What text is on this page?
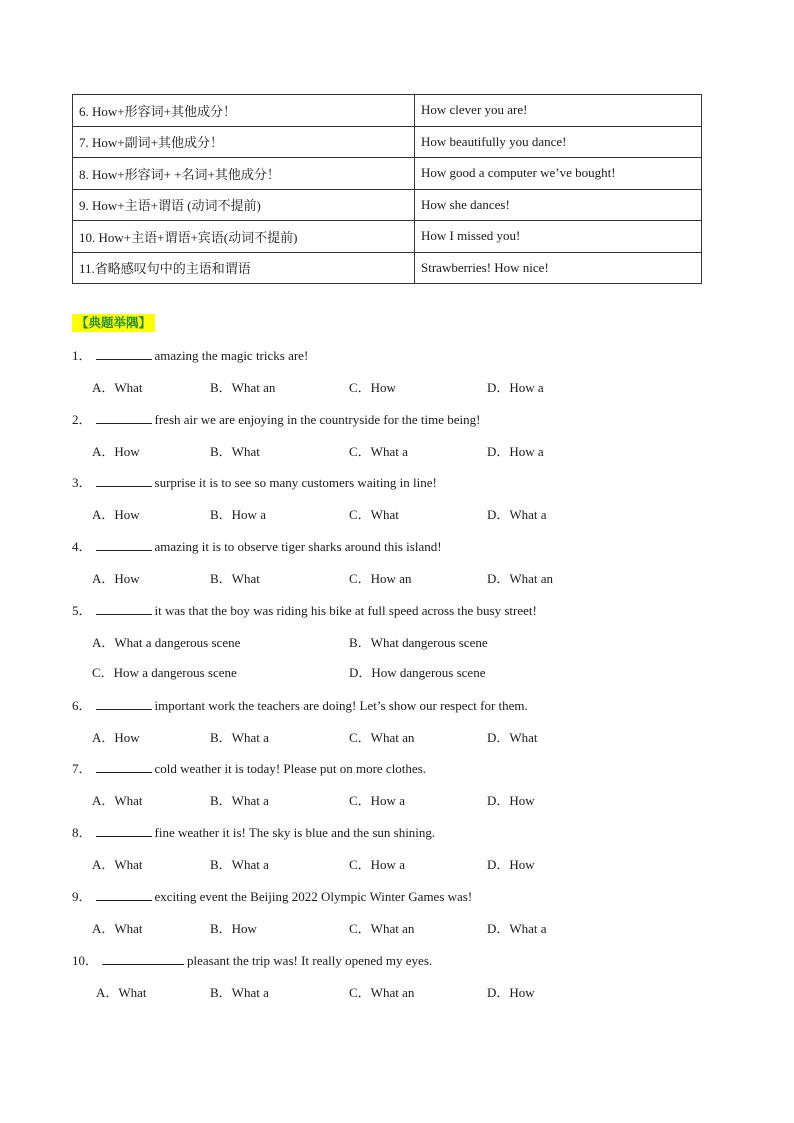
6. How+形容词+其他成分！	How clever you are!
7. How+副词+其他成分！	How beautifully you dance!
8. How+形容词+ +名词+其他成分！	How good a computer we’ve bought!
9. How+主语+谓语 (动词不提前)	How she dances!
10. How+主语+谓语+宾语(动词不提前)	How I missed you!
11.省略感叹句中的主语和谓语	Strawberries! How nice!
【典题举隅】
1．	amazing the magic tricks are!
A．What	B．What an	C．How	D．How a
2．	fresh air we are enjoying in the countryside for the time being!
A．How	B．What	C．What a	D．How a
3．	surprise it is to see so many customers waiting in line!
A．How	B．How a	C．What	D．What a
4．	amazing it is to observe tiger sharks around this island!
A．How	B．What	C．How an	D．What an
5．	it was that the boy was riding his bike at full speed across the busy street!
A．What a dangerous scene	B．What dangerous scene
C．How a dangerous scene	D．How dangerous scene
6．	important work the teachers are doing! Let’s show our respect for them.
A．How	B．What a	C．What an	D．What
7．	cold weather it is today! Please put on more clothes.
A．What	B．What a	C．How a	D．How
8．	fine weather it is! The sky is blue and the sun shining.
A．What	B．What a	C．How a	D．How
9．	exciting event the Beijing 2022 Olympic Winter Games was!
A．What	B．How	C．What an	D．What a
10．	pleasant the trip was! It really opened my eyes.
A．What	B．What a	C．What an	D．How
